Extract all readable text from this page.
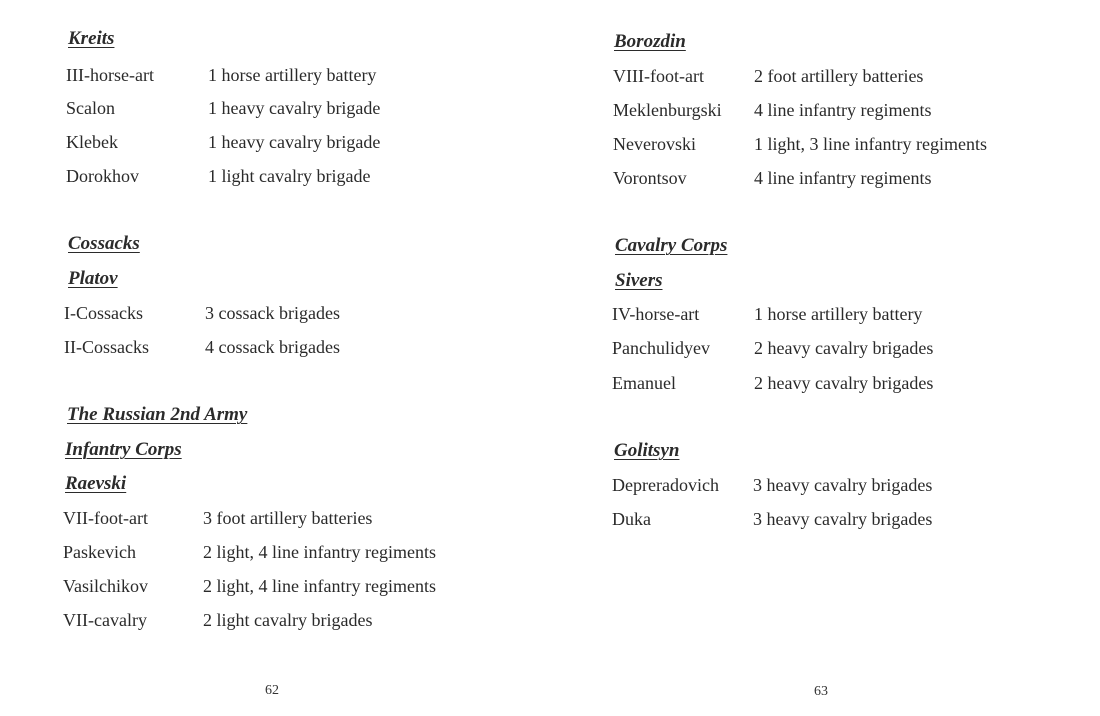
Kreits
III-horse-art	1 horse artillery battery
Scalon	1 heavy cavalry brigade
Klebek	1 heavy cavalry brigade
Dorokhov	1 light cavalry brigade
Cossacks
Platov
I-Cossacks	3 cossack brigades
II-Cossacks	4 cossack brigades
The Russian 2nd Army
Infantry Corps
Raevski
VII-foot-art	3 foot artillery batteries
Paskevich	2 light, 4 line infantry regiments
Vasilchikov	2 light, 4 line infantry regiments
VII-cavalry	2 light cavalry brigades
62
Borozdin
VIII-foot-art	2 foot artillery batteries
Meklenburgski 4 line infantry regiments
Neverovski	1 light, 3 line infantry regiments
Vorontsov	4 line infantry regiments
Cavalry Corps
Sivers
IV-horse-art	1 horse artillery battery
Panchulidyev 2 heavy cavalry brigades
Emanuel	2 heavy cavalry brigades
Golitsyn
Depreradovich 3 heavy cavalry brigades
Duka	3 heavy cavalry brigades
63
